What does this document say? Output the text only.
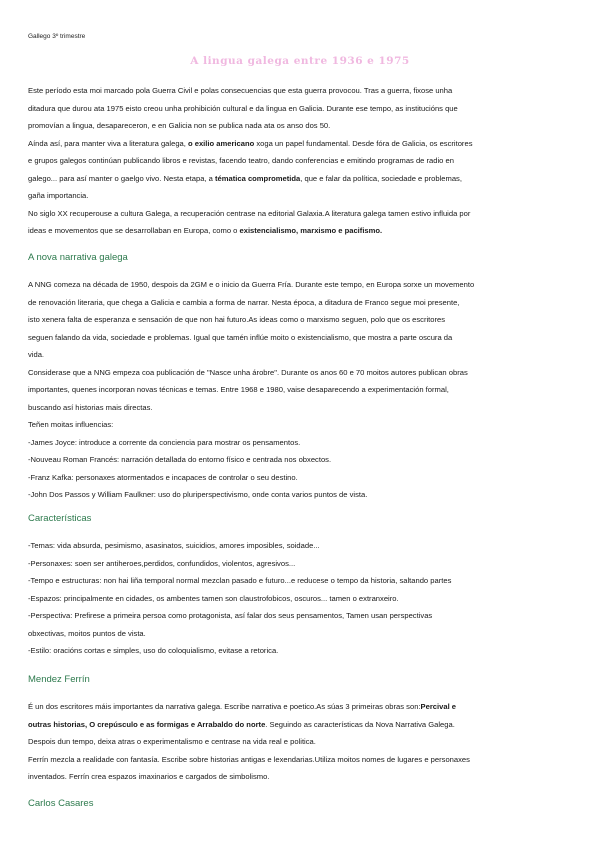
Gallego 3º trimestre
A lingua galega entre 1936 e 1975

Este período esta moi marcado pola Guerra Civil e polas consecuencias que esta guerra provocou. Tras a guerra, fixose unha

ditadura que durou ata 1975 eisto creou unha prohibición cultural e da lingua en Galicia. Durante ese tempo, as institucións que

promovían a lingua, desapareceron, e en Galicia non se publica nada ata os anso dos 50.

Aínda así, para manter viva a literatura galega, o exilio americano xoga un papel fundamental. Desde fóra de Galicia, os escritores

e grupos galegos continúan publicando libros e revistas, facendo teatro, dando conferencias e emitindo programas de radio en

galego... para así manter o gaelgo vivo. Nesta etapa, a tématica comprometida, que e falar da política, sociedade e problemas,

gaña importancia.

No siglo XX recuperouse a cultura Galega, a recuperación centrase na editorial Galaxia.A literatura galega tamen estivo influida por

ideas e movementos que se desarrollaban en Europa, como o existencialismo, marxismo e pacifismo.

A nova narrativa galega

A NNG comeza na década de 1950, despois da 2GM e o inicio da Guerra Fría. Durante este tempo, en Europa sorxe un movemento

de renovación literaria, que chega a Galicia e cambia a forma de narrar. Nesta época, a ditadura de Franco segue moi presente,

isto xenera falta de esperanza e sensación de que non hai futuro.As ideas como o marxismo seguen, polo que os escritores

seguen falando da vida, sociedade e problemas. Igual que tamén inflúe moito o existencialismo, que mostra a parte oscura da

vida.

Considerase que a NNG empeza coa publicación de "Nasce unha árobre". Durante os anos 60 e 70 moitos autores publican obras

importantes, quenes incorporan novas técnicas e temas. Entre 1968 e 1980, vaise desaparecendo a experimentación formal,

buscando así historias mais directas.

Teñen moitas influencias:

-James Joyce: introduce a corrente da conciencia para mostrar os pensamentos.

-Nouveau Roman Francés: narración detallada do entorno físico e centrada nos obxectos.

-Franz Kafka: personaxes atormentados e incapaces de controlar o seu destino.

-John Dos Passos y William Faulkner: uso do pluriperspectivismo, onde conta varios puntos de vista.

Características

-Temas: vida absurda, pesimismo, asasinatos, suicidios, amores imposibles, soidade...

-Personaxes: soen ser antiheroes,perdidos, confundidos, violentos, agresivos...

-Tempo e estructuras: non hai liña temporal normal mezclan pasado e futuro...e reducese o tempo da historia, saltando partes

-Espazos: principalmente en cidades, os ambentes tamen son claustrofobicos, oscuros... tamen o extranxeiro.

-Perspectiva: Prefirese a primeira persoa como protagonista, así falar dos seus pensamentos, Tamen usan perspectivas

obxectivas, moitos puntos de vista.

-Estilo: oracións cortas e simples, uso do coloquialismo, evitase a retorica.

Mendez Ferrín

É un dos escritores máis importantes da narrativa galega. Escribe narrativa e poetico.As súas 3 primeiras obras son:Percival e

outras historias, O crepúsculo e as formigas e Arrabaldo do norte. Seguindo as características da Nova Narrativa Galega.

Despois dun tempo, deixa atras o experimentalismo e centrase na vida real e politica.

Ferrín mezcla a realidade con fantasía. Escribe sobre historias antigas e lexendarias.Utiliza moitos nomes de lugares e personaxes

inventados. Ferrín crea espazos imaxinarios e cargados de simbolismo.

Carlos Casares
